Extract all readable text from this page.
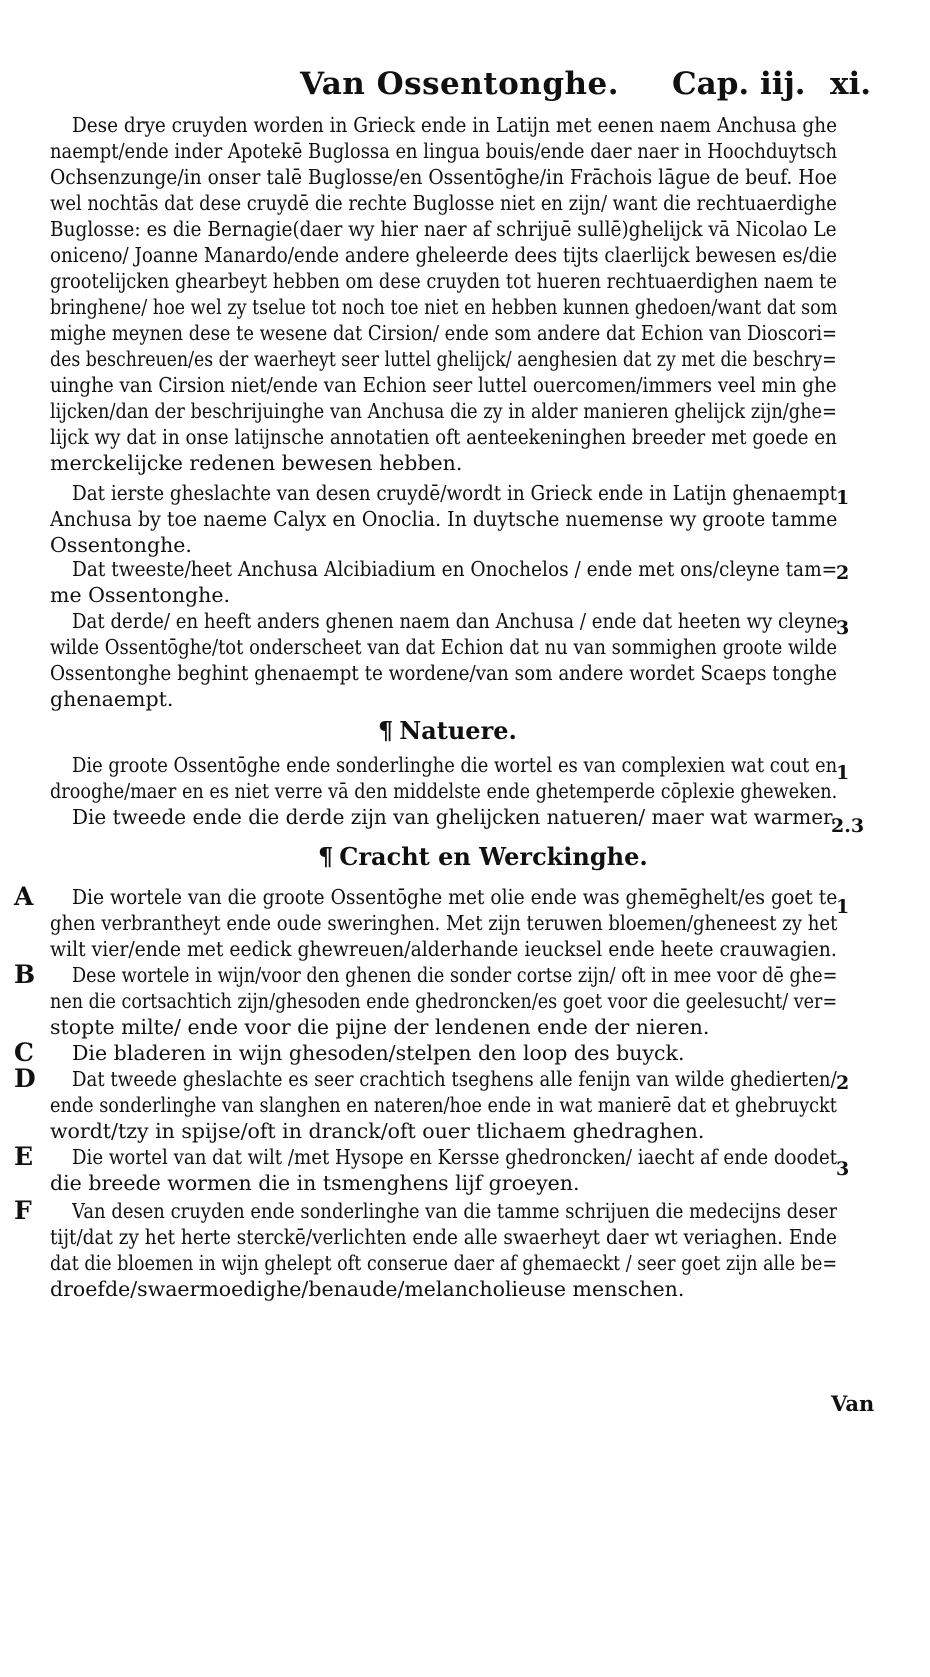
Van Ossentonghe. Cap. iij. xi.
Dese drye cruyden worden in Grieck ende in Latijn met eenen naem Anchusa ghe
naempt/ende inder Apotekē Buglossa en lingua bouis/ende daer naer in Hoochduytsch
Ochsenzunge/in onser talē Buglosse/en Ossentōghe/in Frāchois lāgue de beuf. Hoe
wel nochtās dat dese cruydē die rechte Buglosse niet en zijn/ want die rechtuaerdighe
Buglosse: es die Bernagie(daer wy hier naer af schrijuē sullē)ghelijck vā Nicolao Le
oniceno/ Joanne Manardo/ende andere gheleerde dees tijts claerlijck bewesen es/die
grootelijcken ghearbeyt hebben om dese cruyden tot hueren rechtuaerdighen naem te
bringhene/ hoe wel zy tselue tot noch toe niet en hebben kunnen ghedoen/want dat som
mighe meynen dese te wesene dat Cirsion/ ende som andere dat Echion van Dioscori=
des beschreuen/es der waerheyt seer luttel ghelijck/ aenghesien dat zy met die beschry=
uinghe van Cirsion niet/ende van Echion seer luttel ouercomen/immers veel min ghe
lijcken/dan der beschrijuinghe van Anchusa die zy in alder manieren ghelijck zijn/ghe=
lijck wy dat in onse latijnsche annotatien oft aenteekeninghen breeder met goede en
merckelijcke redenen bewesen hebben.
Dat ierste gheslachte van desen cruydē/wordt in Grieck ende in Latijn ghenaempt
Anchusa by toe naeme Calyx en Onoclia. In duytsche nuemense wy groote tamme
Ossentonghe.
1
Dat tweeste/heet Anchusa Alcibiadium en Onochelos / ende met ons/cleyne tam=
me Ossentonghe.
2
Dat derde/ en heeft anders ghenen naem dan Anchusa / ende dat heeten wy cleyne
wilde Ossentōghe/tot onderscheet van dat Echion dat nu van sommighen groote wilde
Ossentonghe beghint ghenaempt te wordene/van som andere wordet Scaeps tonghe
ghenaempt.
3
¶ Natuere.
Die groote Ossentōghe ende sonderlinghe die wortel es van complexien wat cout en
drooghe/maer en es niet verre vā den middelste ende ghetemperde cōplexie gheweken.
1
Die tweede ende die derde zijn van ghelijcken natueren/ maer wat warmer.
2.3
¶ Cracht en Werckinghe.
A Die wortele van die groote Ossentōghe met olie ende was ghemēghelt/es goet te
ghen verbrantheyt ende oude sweringhen. Met zijn teruwen bloemen/gheneest zy het
wilt vier/ende met eedick ghewreuen/alderhande ieucksel ende heete crauwagien.
1
B Dese wortele in wijn/voor den ghenen die sonder cortse zijn/ oft in mee voor dē ghe=
nen die cortsachtich zijn/ghesoden ende ghedroncken/es goet voor die geelesucht/ ver=
stopte milte/ ende voor die pijne der lendenen ende der nieren.
C Die bladeren in wijn ghesoden/stelpen den loop des buyck.
D Dat tweede gheslachte es seer crachtich tseghens alle fenijn van wilde ghedierten/
ende sonderlinghe van slanghen en nateren/hoe ende in wat manierē dat et ghebruyckt
wordt/tzy in spijse/oft in dranck/oft ouer tlichaem ghedraghen.
2
E Die wortel van dat wilt /met Hysope en Kersse ghedroncken/ iaecht af ende doodet
die breede wormen die in tsmenghens lijf groeyen.
3
F Van desen cruyden ende sonderlinghe van die tamme schrijuen die medecijns deser
tijt/dat zy het herte sterckē/verlichten ende alle swaerheyt daer wt veriaghen. Ende
dat die bloemen in wijn ghelept oft conserue daer af ghemaeckt / seer goet zijn alle be=
droefde/swaermoedighe/benaude/melancholieuse menschen.
Van
